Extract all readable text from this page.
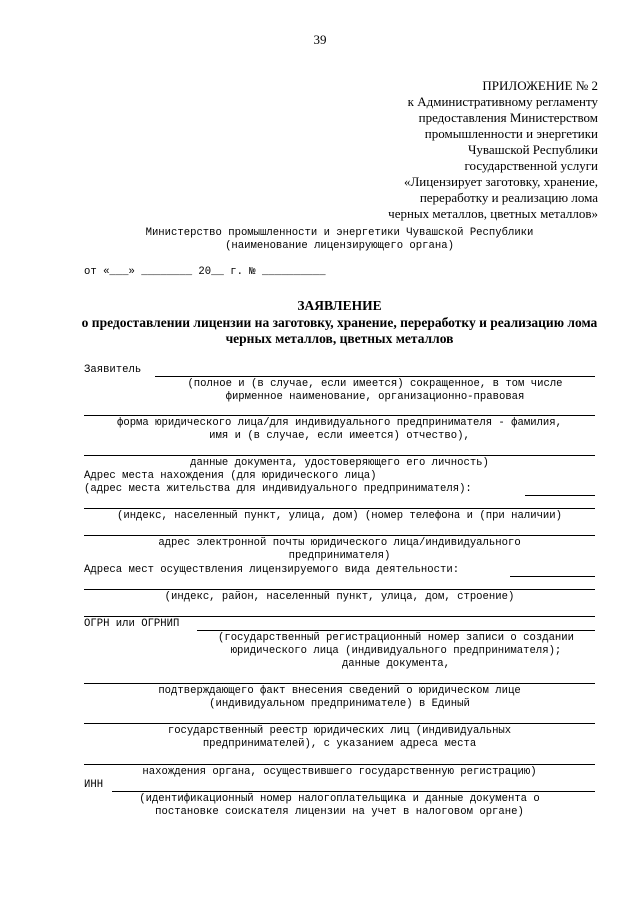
39
ПРИЛОЖЕНИЕ № 2
к Административному регламенту
предоставления Министерством
промышленности и энергетики
Чувашской Республики
государственной услуги
«Лицензирует заготовку, хранение,
переработку и реализацию лома
черных металлов, цветных металлов»
Министерство промышленности и энергетики Чувашской Республики
(наименование лицензирующего органа)
от «___» ________ 20__ г. № __________
ЗАЯВЛЕНИЕ
о предоставлении лицензии на заготовку, хранение, переработку и реализацию лома
черных металлов, цветных металлов
Заявитель
(полное и (в случае, если имеется) сокращенное, в том числе
фирменное наименование, организационно-правовая
форма юридического лица/для индивидуального предпринимателя - фамилия,
имя и (в случае, если имеется) отчество),
данные документа, удостоверяющего его личность)
Адрес места нахождения (для юридического лица)
(адрес места жительства для индивидуального предпринимателя):
(индекс, населенный пункт, улица, дом) (номер телефона и (при наличии)
адрес электронной почты юридического лица/индивидуального
предпринимателя)
Адреса мест осуществления лицензируемого вида деятельности:
(индекс, район, населенный пункт, улица, дом, строение)
ОГРН или ОГРНИП
(государственный регистрационный номер записи о создании
юридического лица (индивидуального предпринимателя);
данные документа,
подтверждающего факт внесения сведений о юридическом лице
(индивидуальном предпринимателе) в Единый
государственный реестр юридических лиц (индивидуальных
предпринимателей), с указанием адреса места
нахождения органа, осуществившего государственную регистрацию)
ИНН
(идентификационный номер налогоплательщика и данные документа о
постановке соискателя лицензии на учет в налоговом органе)
